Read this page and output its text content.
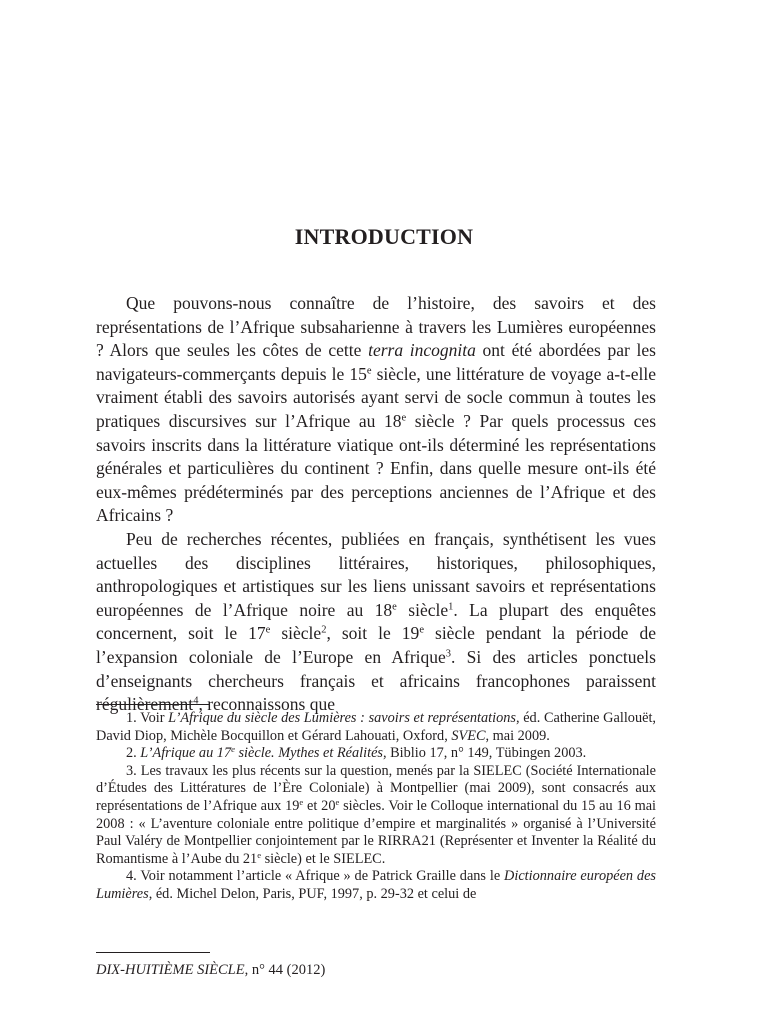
INTRODUCTION

Que pouvons-nous connaître de l’histoire, des savoirs et des représentations de l’Afrique subsaharienne à travers les Lumières européennes ? Alors que seules les côtes de cette terra incognita ont été abordées par les navigateurs-commerçants depuis le 15e siècle, une littérature de voyage a-t-elle vraiment établi des savoirs autorisés ayant servi de socle commun à toutes les pratiques discursives sur l’Afrique au 18e siècle ? Par quels processus ces savoirs inscrits dans la littérature viatique ont-ils déterminé les représentations générales et particulières du continent ? Enfin, dans quelle mesure ont-ils été eux-mêmes prédéterminés par des perceptions anciennes de l’Afrique et des Africains ?

Peu de recherches récentes, publiées en français, synthétisent les vues actuelles des disciplines littéraires, historiques, philosophiques, anthropologiques et artistiques sur les liens unissant savoirs et représentations européennes de l’Afrique noire au 18e siècle$^1$. La plupart des enquêtes concernent, soit le 17e siècle$^2$, soit le 19e siècle pendant la période de l’expansion coloniale de l’Europe en Afrique$^3$. Si des articles ponctuels d’enseignants chercheurs français et africains francophones paraissent régulièrement$^4$, reconnaissons que

1. Voir L’Afrique du siècle des Lumières : savoirs et représentations, éd. Catherine Gallouët, David Diop, Michèle Bocquillon et Gérard Lahouati, Oxford, SVEC, mai 2009.

2. L’Afrique au 17e siècle. Mythes et Réalités, Biblio 17, n° 149, Tübingen 2003.

3. Les travaux les plus récents sur la question, menés par la SIELEC (Société Internationale d’Études des Littératures de l’Ère Coloniale) à Montpellier (mai 2009), sont consacrés aux représentations de l’Afrique aux 19e et 20e siècles. Voir le Colloque international du 15 au 16 mai 2008 : « L’aventure coloniale entre politique d’empire et marginalités » organisé à l’Université Paul Valéry de Montpellier conjointement par le RIRRA21 (Représenter et Inventer la Réalité du Romantisme à l’Aube du 21e siècle) et le SIELEC.

4. Voir notamment l’article « Afrique » de Patrick Graille dans le Dictionnaire européen des Lumières, éd. Michel Delon, Paris, PUF, 1997, p. 29-32 et celui de

DIX-HUITIÈME SIÈCLE, n° 44 (2012)
